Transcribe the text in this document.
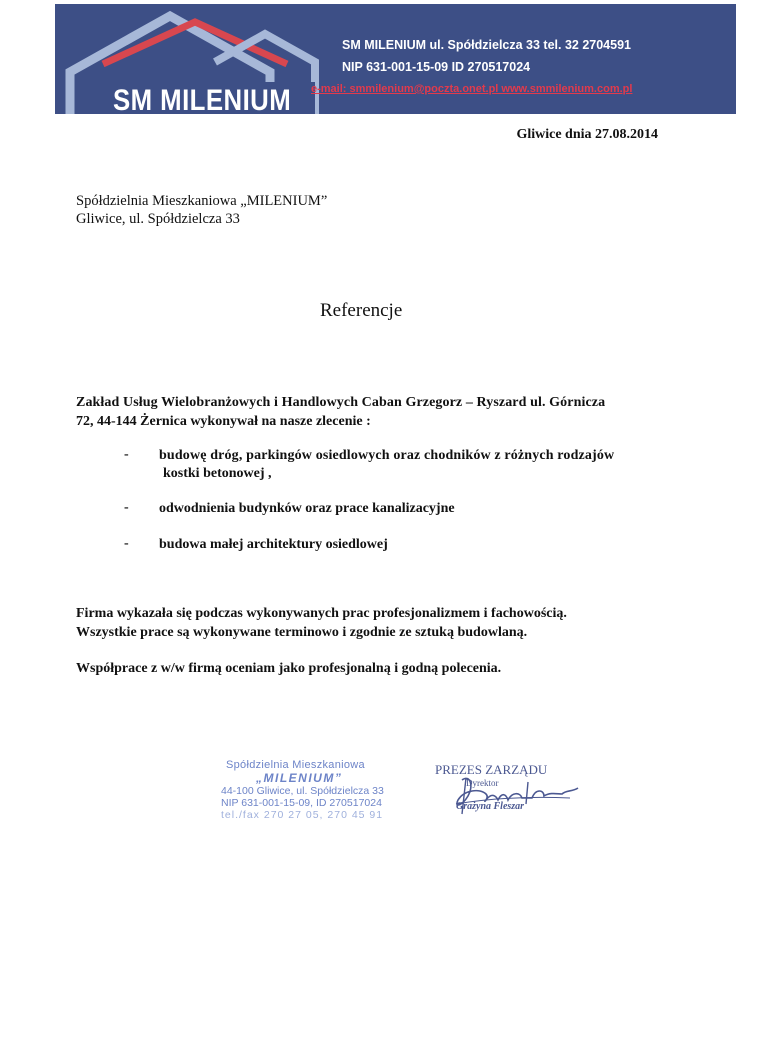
SM MILENIUM
SM MILENIUM ul. Spółdzielcza 33 tel. 32 2704591
NIP 631-001-15-09 ID 270517024
e-mail: smmilenium@poczta.onet.pl www.smmilenium.com.pl
Gliwice dnia 27.08.2014
Spółdzielnia Mieszkaniowa „MILENIUM”
Gliwice, ul. Spółdzielcza 33
Referencje
Zakład Usług Wielobranżowych i Handlowych Caban Grzegorz – Ryszard ul. Górnicza
72, 44-144 Żernica wykonywał na nasze zlecenie :
- budowę dróg, parkingów osiedlowych oraz chodników z różnych rodzajów
kostki betonowej ,
- odwodnienia budynków oraz prace kanalizacyjne
- budowa małej architektury osiedlowej
Firma wykazała się podczas wykonywanych prac profesjonalizmem i fachowością.
Wszystkie prace są wykonywane terminowo i zgodnie ze sztuką budowlaną.
Współprace z w/w firmą oceniam jako profesjonalną i godną polecenia.
Spółdzielnia Mieszkaniowa
„MILENIUM”
44-100 Gliwice, ul. Spółdzielcza 33
NIP 631-001-15-09, ID 270517024
tel./fax 270 27 05, 270 45 91
PREZES ZARZĄDU
Dyrektor
Grażyna Fleszar
